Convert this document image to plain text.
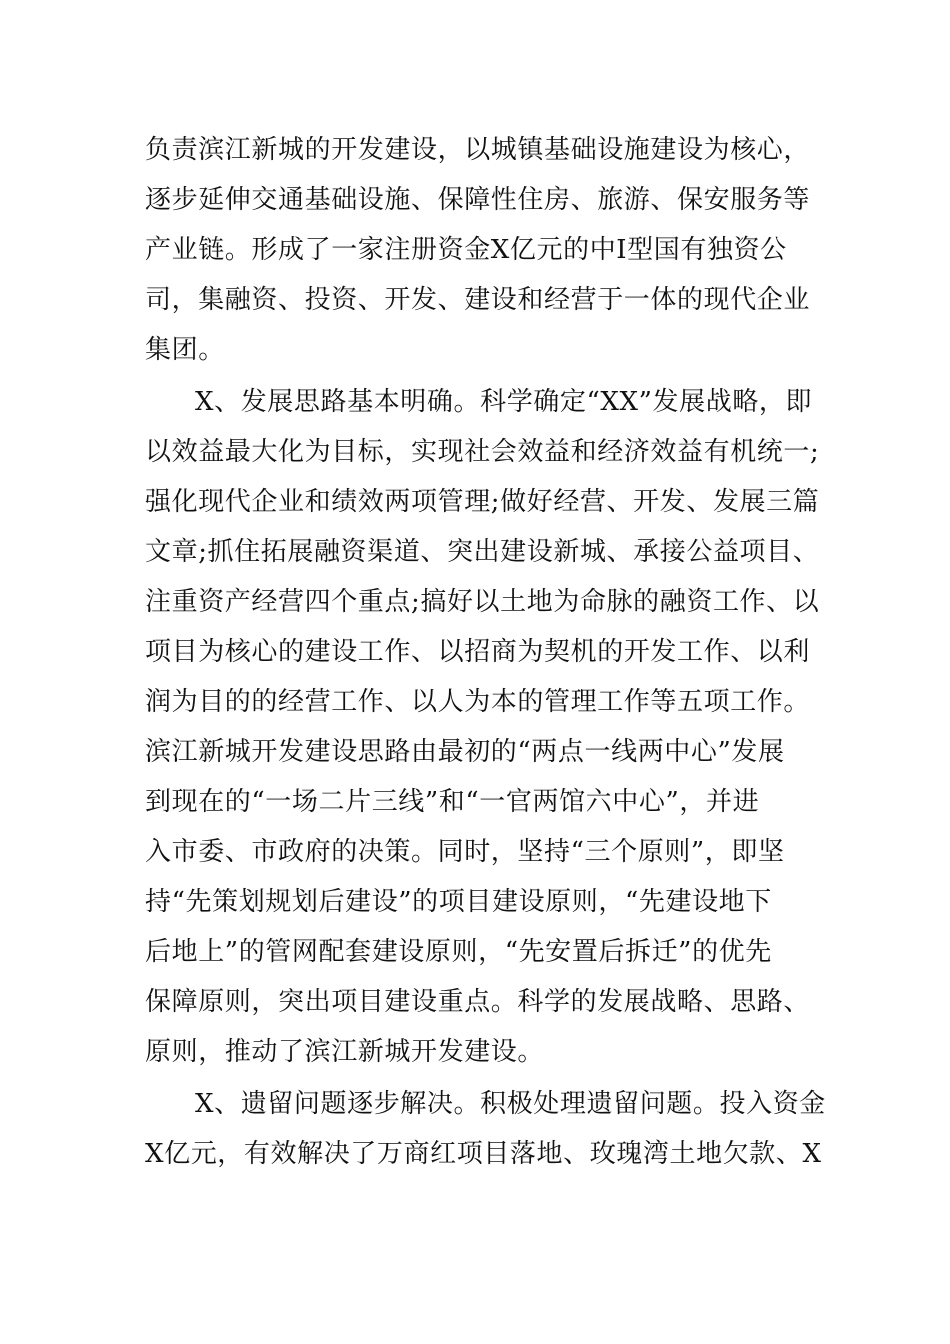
负责滨江新城的开发建设，以城镇基础设施建设为核心，
逐步延伸交通基础设施、保障性住房、旅游、保安服务等
产业链。形成了一家注册资金X亿元的中Ⅰ型国有独资公
司，集融资、投资、开发、建设和经营于一体的现代企业
集团。
X、发展思路基本明确。科学确定“XX”发展战略，即
以效益最大化为目标，实现社会效益和经济效益有机统一;
强化现代企业和绩效两项管理;做好经营、开发、发展三篇
文章;抓住拓展融资渠道、突出建设新城、承接公益项目、
注重资产经营四个重点;搞好以土地为命脉的融资工作、以
项目为核心的建设工作、以招商为契机的开发工作、以利
润为目的的经营工作、以人为本的管理工作等五项工作。
滨江新城开发建设思路由最初的“两点一线两中心”发展
到现在的“一场二片三线”和“一官两馆六中心”，并进
入市委、市政府的决策。同时，坚持“三个原则”，即坚
持“先策划规划后建设”的项目建设原则，“先建设地下
后地上”的管网配套建设原则，“先安置后拆迁”的优先
保障原则，突出项目建设重点。科学的发展战略、思路、
原则，推动了滨江新城开发建设。
X、遗留问题逐步解决。积极处理遗留问题。投入资金
X亿元，有效解决了万商红项目落地、玫瑰湾土地欠款、X
